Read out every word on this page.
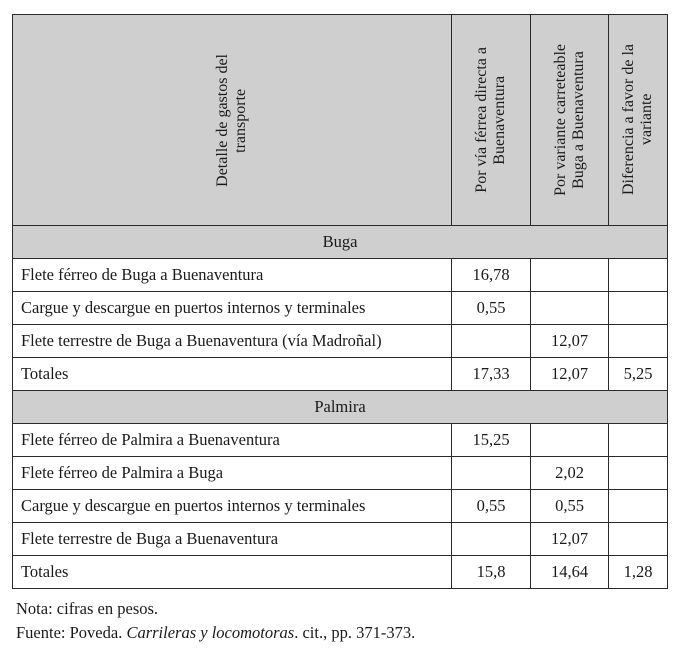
Detalle de gastos del transporte	Por vía férrea directa a Buenaventura	Por variante carreteable Buga a Buenaventura	Diferencia a favor de la variante

Buga			
Flete férreo de Buga a Buenaventura	16,78		
Cargue y descargue en puertos internos y terminales	0,55		
Flete terrestre de Buga a Buenaventura (vía Madroñal)		12,07	
Totales	17,33	12,07	5,25
Palmira			
Flete férreo de Palmira a Buenaventura	15,25		
Flete férreo de Palmira a Buga		2,02	
Cargue y descargue en puertos internos y terminales	0,55	0,55	
Flete terrestre de Buga a Buenaventura		12,07	
Totales	15,8	14,64	1,28
Nota: cifras en pesos.
Fuente: Poveda. Carrileras y locomotoras. cit., pp. 371-373.
